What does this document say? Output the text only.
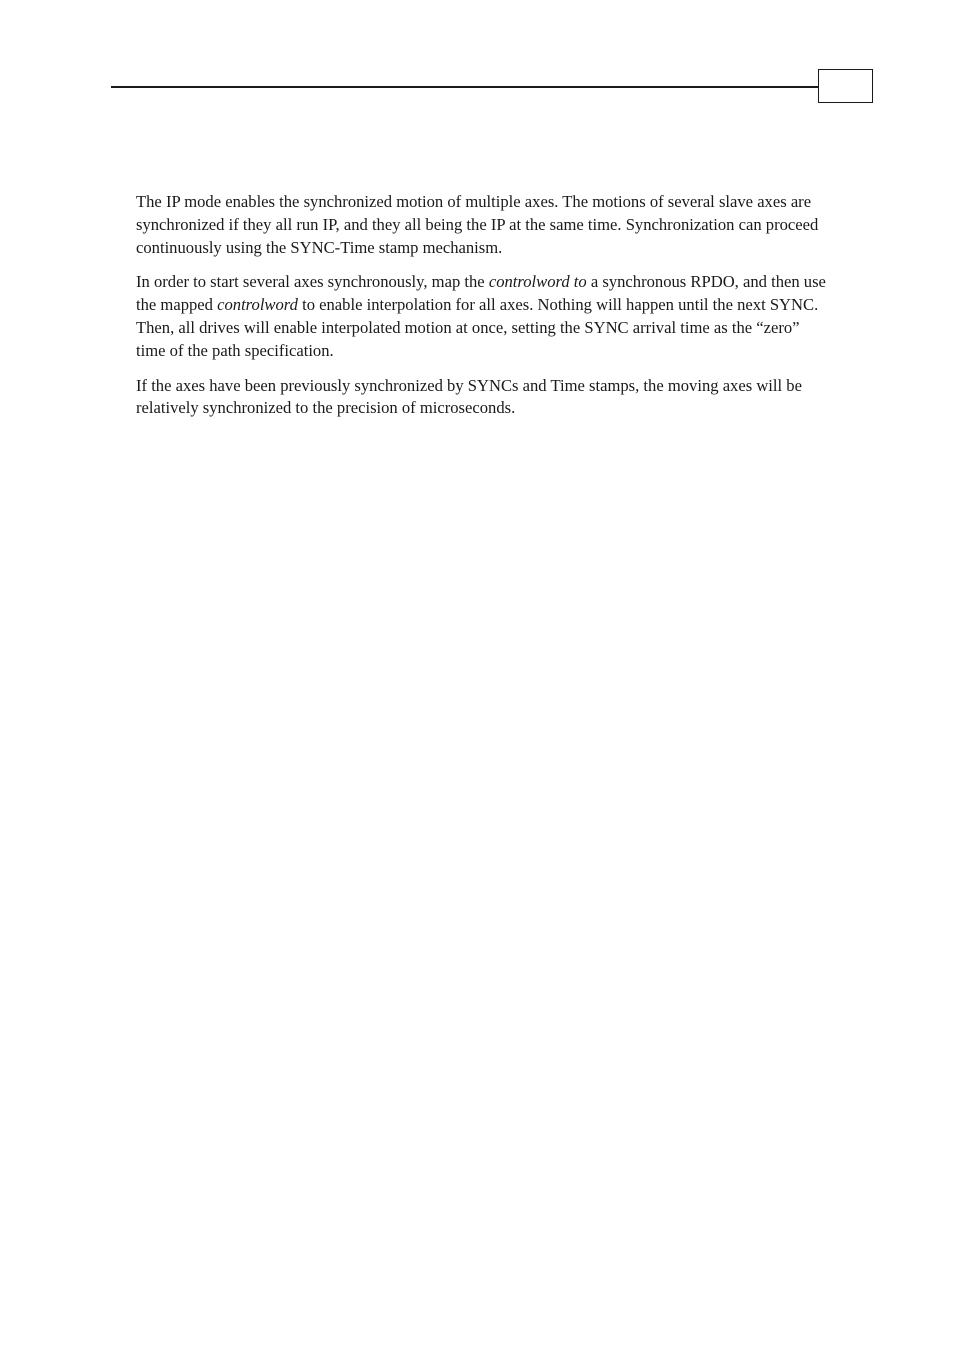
The IP mode enables the synchronized motion of multiple axes. The motions of several slave axes are synchronized if they all run IP, and they all being the IP at the same time. Synchronization can proceed continuously using the SYNC-Time stamp mechanism.

In order to start several axes synchronously, map the controlword to a synchronous RPDO, and then use the mapped controlword to enable interpolation for all axes. Nothing will happen until the next SYNC. Then, all drives will enable interpolated motion at once, setting the SYNC arrival time as the “zero” time of the path specification.

If the axes have been previously synchronized by SYNCs and Time stamps, the moving axes will be relatively synchronized to the precision of microseconds.
